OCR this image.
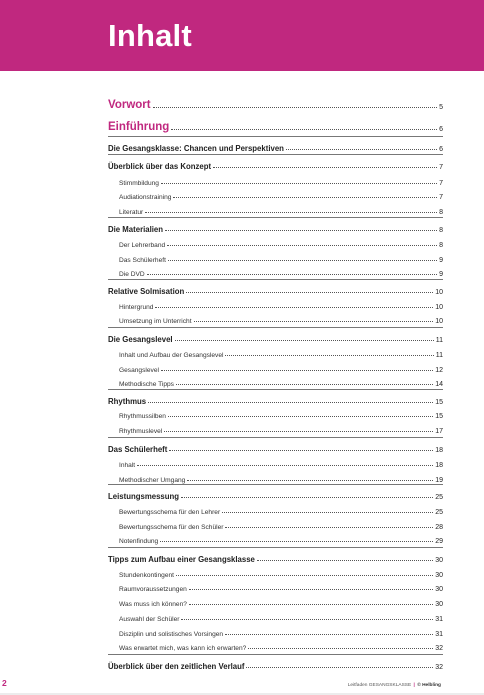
Inhalt
Vorwort	5
Einführung	6
Die Gesangsklasse: Chancen und Perspektiven	6
Überblick über das Konzept	7
Stimmbildung	7
Audiationstraining	7
Literatur	8
Die Materialien	8
Der Lehrerband	8
Das Schülerheft	9
Die DVD	9
Relative Solmisation	10
Hintergrund	10
Umsetzung im Unterricht	10
Die Gesangslevel	11
Inhalt und Aufbau der Gesangslevel	11
Gesangslevel	12
Methodische Tipps	14
Rhythmus	15
Rhythmussilben	15
Rhythmuslevel	17
Das Schülerheft	18
Inhalt	18
Methodischer Umgang	19
Leistungsmessung	25
Bewertungsschema für den Lehrer	25
Bewertungsschema für den Schüler	28
Notenfindung	29
Tipps zum Aufbau einer Gesangsklasse	30
Stundenkontingent	30
Raumvoraussetzungen	30
Was muss ich können?	30
Auswahl der Schüler	31
Disziplin und solistisches Vorsingen	31
Was erwartet mich, was kann ich erwarten?	32
Überblick über den zeitlichen Verlauf	32
2	Leitfaden GESANGSKLASSE | © Helbling
